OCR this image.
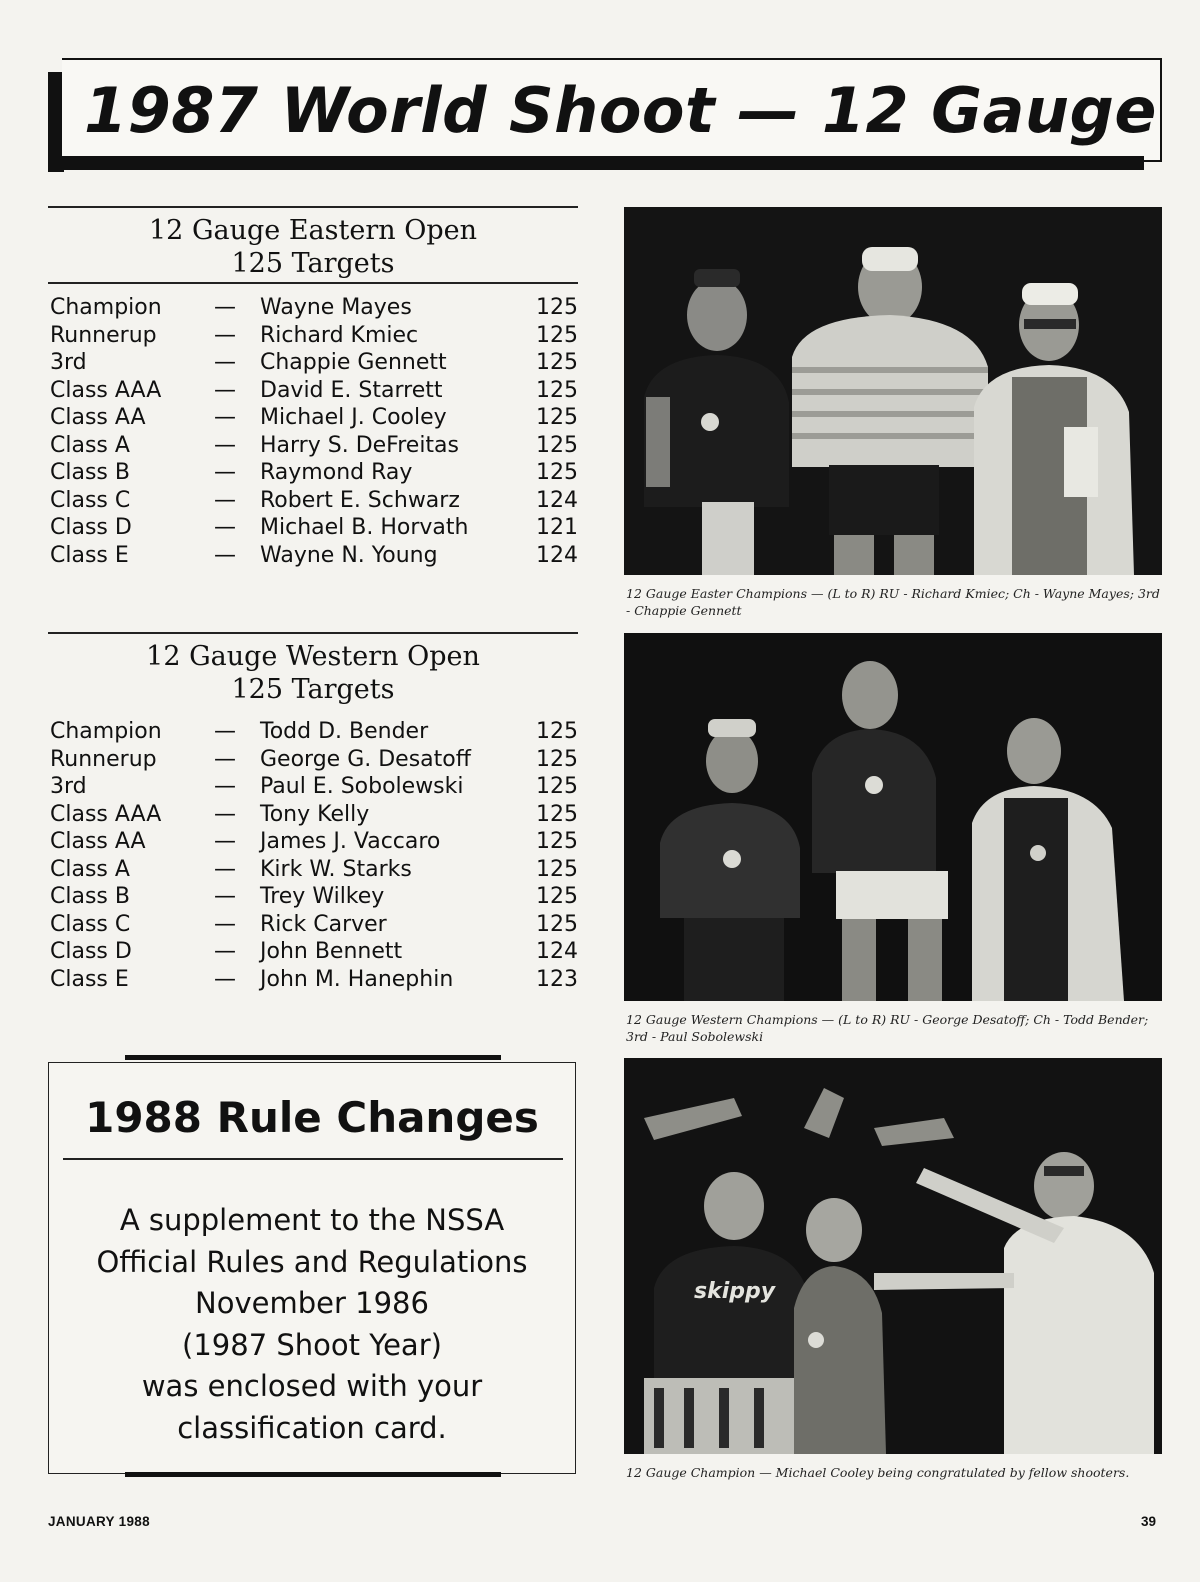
1987 World Shoot — 12 Gauge
12 Gauge Eastern Open
125 Targets
Champion — Wayne Mayes	125
Runnerup	— Richard Kmiec	125
3rd	— Chappie Gennett	125
Class AAA — David E. Starrett	125
Class AA	— Michael J. Cooley	125
Class A	— Harry S. DeFreitas	125
Class B	— Raymond Ray	125
Class C	— Robert E. Schwarz	124
Class D	— Michael B. Horvath	121
Class E	— Wayne N. Young	124
12 Gauge Western Open
125 Targets
Champion — Todd D. Bender	125
Runnerup	— George G. Desatoff	125
3rd	— Paul E. Sobolewski	125
Class AAA — Tony Kelly	125
Class AA	— James J. Vaccaro	125
Class A	— Kirk W. Starks	125
Class B	— Trey Wilkey	125
Class C	— Rick Carver	125
Class D	— John Bennett	124
Class E	— John M. Hanephin	123
12 Gauge Easter Champions — (L to R) RU - Richard Kmiec; Ch - Wayne Mayes; 3rd - Chappie Gennett
12 Gauge Western Champions — (L to R) RU - George Desatoff; Ch - Todd Bender; 3rd - Paul Sobolewski
skippy
12 Gauge Champion — Michael Cooley being congratulated by fellow shooters.
1988 Rule Changes
A supplement to the NSSA
Official Rules and Regulations
November 1986
(1987 Shoot Year)
was enclosed with your
classification card.
JANUARY 1988	39
